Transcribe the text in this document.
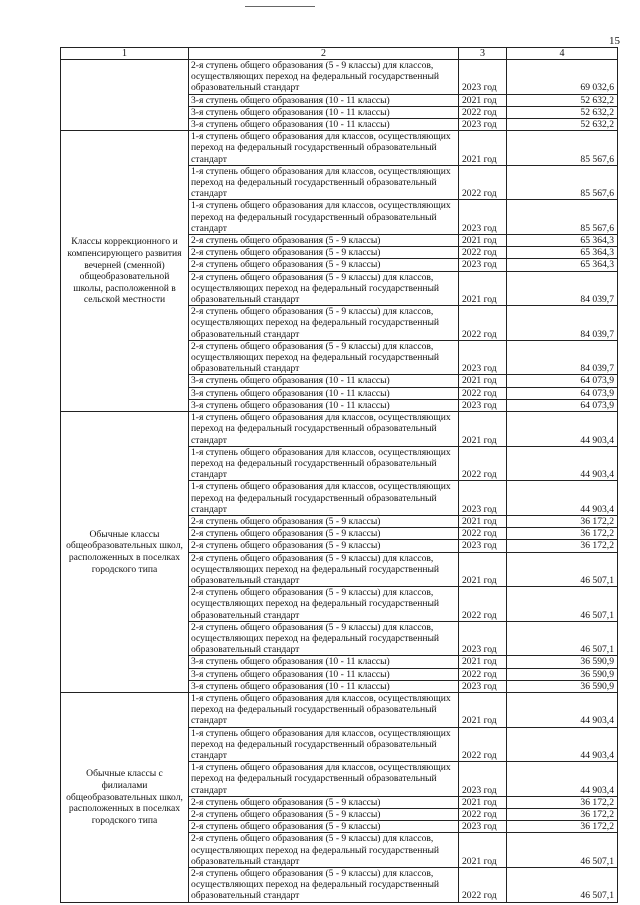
15
1	2	3	4
	2-я ступень общего образования (5 - 9 классы) для классов, осуществляющих переход на федеральный государственный образовательный стандарт	2023 год	69 032,6
	3-я ступень общего образования (10 - 11 классы)	2021 год	52 632,2
	3-я ступень общего образования (10 - 11 классы)	2022 год	52 632,2
	3-я ступень общего образования (10 - 11 классы)	2023 год	52 632,2
Классы коррекционного и компенсирующего развития вечерней (сменной) общеобразовательной школы, расположенной в сельской местности	1-я ступень общего образования для классов, осуществляющих переход на федеральный государственный образовательный стандарт	2021 год	85 567,6
	1-я ступень общего образования для классов, осуществляющих переход на федеральный государственный образовательный стандарт	2022 год	85 567,6
	1-я ступень общего образования для классов, осуществляющих переход на федеральный государственный образовательный стандарт	2023 год	85 567,6
	2-я ступень общего образования (5 - 9 классы)	2021 год	65 364,3
	2-я ступень общего образования (5 - 9 классы)	2022 год	65 364,3
	2-я ступень общего образования (5 - 9 классы)	2023 год	65 364,3
	2-я ступень общего образования (5 - 9 классы) для классов, осуществляющих переход на федеральный государственный образовательный стандарт	2021 год	84 039,7
	2-я ступень общего образования (5 - 9 классы) для классов, осуществляющих переход на федеральный государственный образовательный стандарт	2022 год	84 039,7
	2-я ступень общего образования (5 - 9 классы) для классов, осуществляющих переход на федеральный государственный образовательный стандарт	2023 год	84 039,7
	3-я ступень общего образования (10 - 11 классы)	2021 год	64 073,9
	3-я ступень общего образования (10 - 11 классы)	2022 год	64 073,9
	3-я ступень общего образования (10 - 11 классы)	2023 год	64 073,9
Обычные классы общеобразовательных школ, расположенных в поселках городского типа	1-я ступень общего образования для классов, осуществляющих переход на федеральный государственный образовательный стандарт	2021 год	44 903,4
	1-я ступень общего образования для классов, осуществляющих переход на федеральный государственный образовательный стандарт	2022 год	44 903,4
	1-я ступень общего образования для классов, осуществляющих переход на федеральный государственный образовательный стандарт	2023 год	44 903,4
	2-я ступень общего образования (5 - 9 классы)	2021 год	36 172,2
	2-я ступень общего образования (5 - 9 классы)	2022 год	36 172,2
	2-я ступень общего образования (5 - 9 классы)	2023 год	36 172,2
	2-я ступень общего образования (5 - 9 классы) для классов, осуществляющих переход на федеральный государственный образовательный стандарт	2021 год	46 507,1
	2-я ступень общего образования (5 - 9 классы) для классов, осуществляющих переход на федеральный государственный образовательный стандарт	2022 год	46 507,1
	2-я ступень общего образования (5 - 9 классы) для классов, осуществляющих переход на федеральный государственный образовательный стандарт	2023 год	46 507,1
	3-я ступень общего образования (10 - 11 классы)	2021 год	36 590,9
	3-я ступень общего образования (10 - 11 классы)	2022 год	36 590,9
	3-я ступень общего образования (10 - 11 классы)	2023 год	36 590,9
Обычные классы с филиалами общеобразовательных школ, расположенных в поселках городского типа	1-я ступень общего образования для классов, осуществляющих переход на федеральный государственный образовательный стандарт	2021 год	44 903,4
	1-я ступень общего образования для классов, осуществляющих переход на федеральный государственный образовательный стандарт	2022 год	44 903,4
	1-я ступень общего образования для классов, осуществляющих переход на федеральный государственный образовательный стандарт	2023 год	44 903,4
	2-я ступень общего образования (5 - 9 классы)	2021 год	36 172,2
	2-я ступень общего образования (5 - 9 классы)	2022 год	36 172,2
	2-я ступень общего образования (5 - 9 классы)	2023 год	36 172,2
	2-я ступень общего образования (5 - 9 классы) для классов, осуществляющих переход на федеральный государственный образовательный стандарт	2021 год	46 507,1
	2-я ступень общего образования (5 - 9 классы) для классов, осуществляющих переход на федеральный государственный образовательный стандарт	2022 год	46 507,1
